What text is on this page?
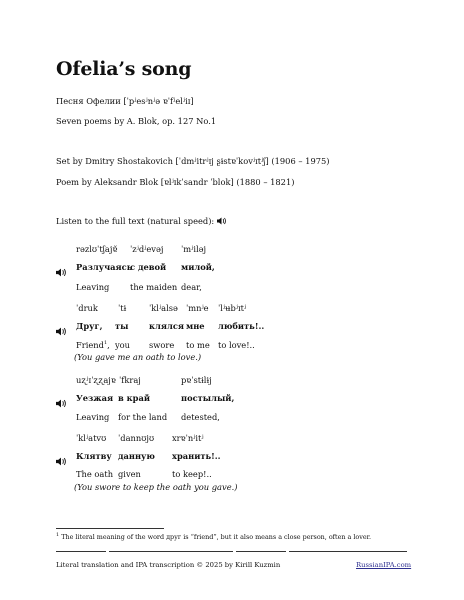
Ofelia’s song
Песня Офелии [ˈpʲesʲnʲə ɐˈfʲelʲiɪ]
Seven poems by A. Blok, op. 127 No.1
Set by Dmitry Shostakovich [ˈdmʲitrʲɪj ʂɨstɐˈkovʲɪtʲʃ] (1906 – 1975)
Poem by Aleksandr Blok [ɐlʲɪkˈsandr ˈblok] (1880 – 1821)
Listen to the full text (natural speed):
rəzlʊˈtʃajɐ̆
Разлучаясь
Leaving
ˈzʲdʲevəj
с девой
the maiden
ˈmʲiləj
милой,
dear,
ˈdruk
Друг,
Friend$^1$,
ˈtɨ
ты
you
ˈklʲalsə
клялся
swore
ˈmnʲe
мне
to me
ˈlʲʉbʲɪtʲ
любить!..
to love!..
(You gave me an oath to love.)
uʐʲɪˈʐʐajɐ
Уезжая
Leaving
ˈfkraj
в край
for the land
pɐˈstɨlɨj
постылый,
detested,
ˈklʲatvʊ
Клятву
The oath
ˈdannʊjʊ
данную
given
xrɐˈnʲitʲ
хранить!..
to keep!..
(You swore to keep the oath you gave.)
$^1$ The literal meaning of the word друг is “friend”, but it also means a close person, often a lover.
Literal translation and IPA transcription © 2025 by Kirill Kuzmin	RussianIPA.com
